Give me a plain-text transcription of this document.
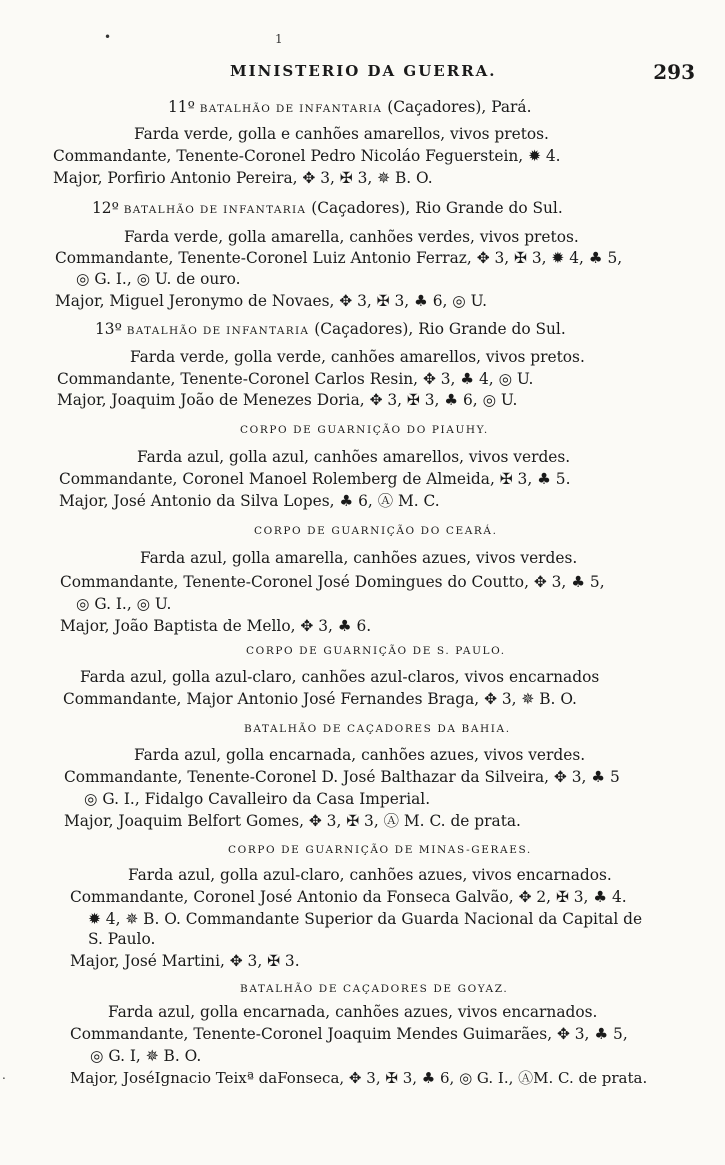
•	1
.
MINISTERIO DA GUERRA.	293
11º BATALHÃO DE INFANTARIA (Caçadores), Pará.
Farda verde, golla e canhões amarellos, vivos pretos.
Commandante, Tenente-Coronel Pedro Nicoláo Feguerstein, ✹ 4.
Major, Porfirio Antonio Pereira, ✥ 3, ✠ 3, ✵ B. O.
12º BATALHÃO DE INFANTARIA (Caçadores), Rio Grande do Sul.
Farda verde, golla amarella, canhões verdes, vivos pretos.
Commandante, Tenente-Coronel Luiz Antonio Ferraz, ✥ 3, ✠ 3, ✹ 4, ♣ 5,
◎ G. I., ◎ U. de ouro.
Major, Miguel Jeronymo de Novaes, ✥ 3, ✠ 3, ♣ 6, ◎ U.
13º BATALHÃO DE INFANTARIA (Caçadores), Rio Grande do Sul.
Farda verde, golla verde, canhões amarellos, vivos pretos.
Commandante, Tenente-Coronel Carlos Resin, ✥ 3, ♣ 4, ◎ U.
Major, Joaquim João de Menezes Doria, ✥ 3, ✠ 3, ♣ 6, ◎ U.
CORPO DE GUARNIÇÃO DO PIAUHY.
Farda azul, golla azul, canhões amarellos, vivos verdes.
Commandante, Coronel Manoel Rolemberg de Almeida, ✠ 3, ♣ 5.
Major, José Antonio da Silva Lopes, ♣ 6, Ⓐ M. C.
CORPO DE GUARNIÇÃO DO CEARÁ.
Farda azul, golla amarella, canhões azues, vivos verdes.
Commandante, Tenente-Coronel José Domingues do Coutto, ✥ 3, ♣ 5,
◎ G. I., ◎ U.
Major, João Baptista de Mello, ✥ 3, ♣ 6.
CORPO DE GUARNIÇÃO DE S. PAULO.
Farda azul, golla azul-claro, canhões azul-claros, vivos encarnados
Commandante, Major Antonio José Fernandes Braga, ✥ 3, ✵ B. O.
BATALHÃO DE CAÇADORES DA BAHIA.
Farda azul, golla encarnada, canhões azues, vivos verdes.
Commandante, Tenente-Coronel D. José Balthazar da Silveira, ✥ 3, ♣ 5
◎ G. I., Fidalgo Cavalleiro da Casa Imperial.
Major, Joaquim Belfort Gomes, ✥ 3, ✠ 3, Ⓐ M. C. de prata.
CORPO DE GUARNIÇÃO DE MINAS-GERAES.
Farda azul, golla azul-claro, canhões azues, vivos encarnados.
Commandante, Coronel José Antonio da Fonseca Galvão, ✥ 2, ✠ 3, ♣ 4.
✹ 4, ✵ B. O. Commandante Superior da Guarda Nacional da Capital de
S. Paulo.
Major, José Martini, ✥ 3, ✠ 3.
BATALHÃO DE CAÇADORES DE GOYAZ.
Farda azul, golla encarnada, canhões azues, vivos encarnados.
Commandante, Tenente-Coronel Joaquim Mendes Guimarães, ✥ 3, ♣ 5,
◎ G. I, ✵ B. O.
Major, JoséIgnacio Teixª daFonseca, ✥ 3, ✠ 3, ♣ 6, ◎ G. I., ⒶM. C. de prata.
